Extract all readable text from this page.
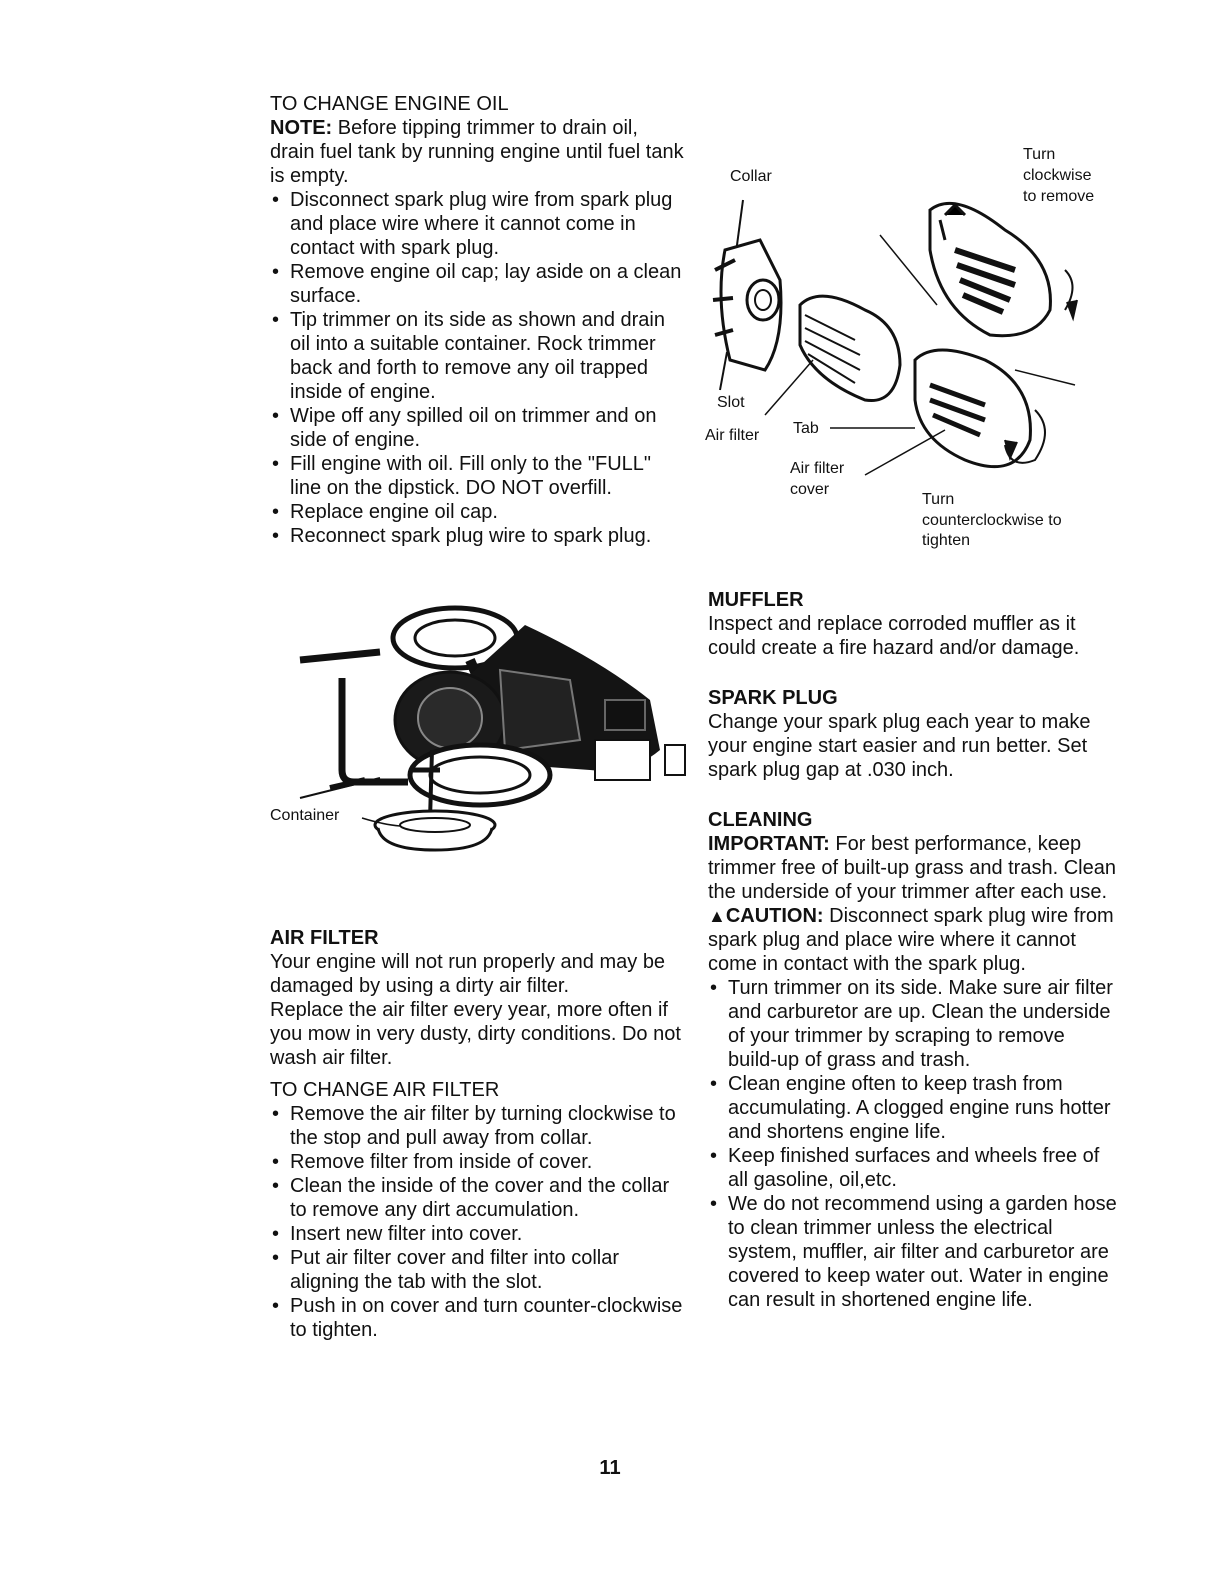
TO CHANGE ENGINE OIL

NOTE: Before tipping trimmer to drain oil, drain fuel tank by running engine until fuel tank is empty.

• Disconnect spark plug wire from spark plug and place wire where it cannot come in contact with spark plug.
• Remove engine oil cap; lay aside on a clean surface.
• Tip trimmer on its side as shown and drain oil into a suitable container. Rock trimmer back and forth to remove any oil trapped inside of engine.
• Wipe off any spilled oil on trimmer and on side of engine.
• Fill engine with oil. Fill only to the "FULL" line on the dipstick. DO NOT overfill.
• Replace engine oil cap.
• Reconnect spark plug wire to spark plug.
Container

AIR FILTER

Your engine will not run properly and may be damaged by using a dirty air filter.

Replace the air filter every year, more often if you mow in very dusty, dirty conditions. Do not wash air filter.

TO CHANGE AIR FILTER

• Remove the air filter by turning clockwise to the stop and pull away from collar.
• Remove filter from inside of cover.
• Clean the inside of the cover and the collar to remove any dirt accumulation.
• Insert new filter into cover.
• Put air filter cover and filter into collar aligning the tab with the slot.
• Push in on cover and turn counter-clockwise to tighten.
Collar
Turn
clockwise
to remove
Slot
Air filter Tab
Air filter
cover
Turn
counterclockwise to
tighten

MUFFLER

Inspect and replace corroded muffler as it could create a fire hazard and/or damage.

SPARK PLUG

Change your spark plug each year to make your engine start easier and run better. Set spark plug gap at .030 inch.

CLEANING

IMPORTANT: For best performance, keep trimmer free of built-up grass and trash. Clean the underside of your trimmer after each use.

▲CAUTION: Disconnect spark plug wire from spark plug and place wire where it cannot come in contact with the spark plug.

• Turn trimmer on its side. Make sure air filter and carburetor are up. Clean the underside of your trimmer by scraping to remove build-up of grass and trash.
• Clean engine often to keep trash from accumulating. A clogged engine runs hotter and shortens engine life.
• Keep finished surfaces and wheels free of all gasoline, oil,etc.
• We do not recommend using a garden hose to clean trimmer unless the electrical system, muffler, air filter and carburetor are covered to keep water out. Water in engine can result in shortened engine life.
11
